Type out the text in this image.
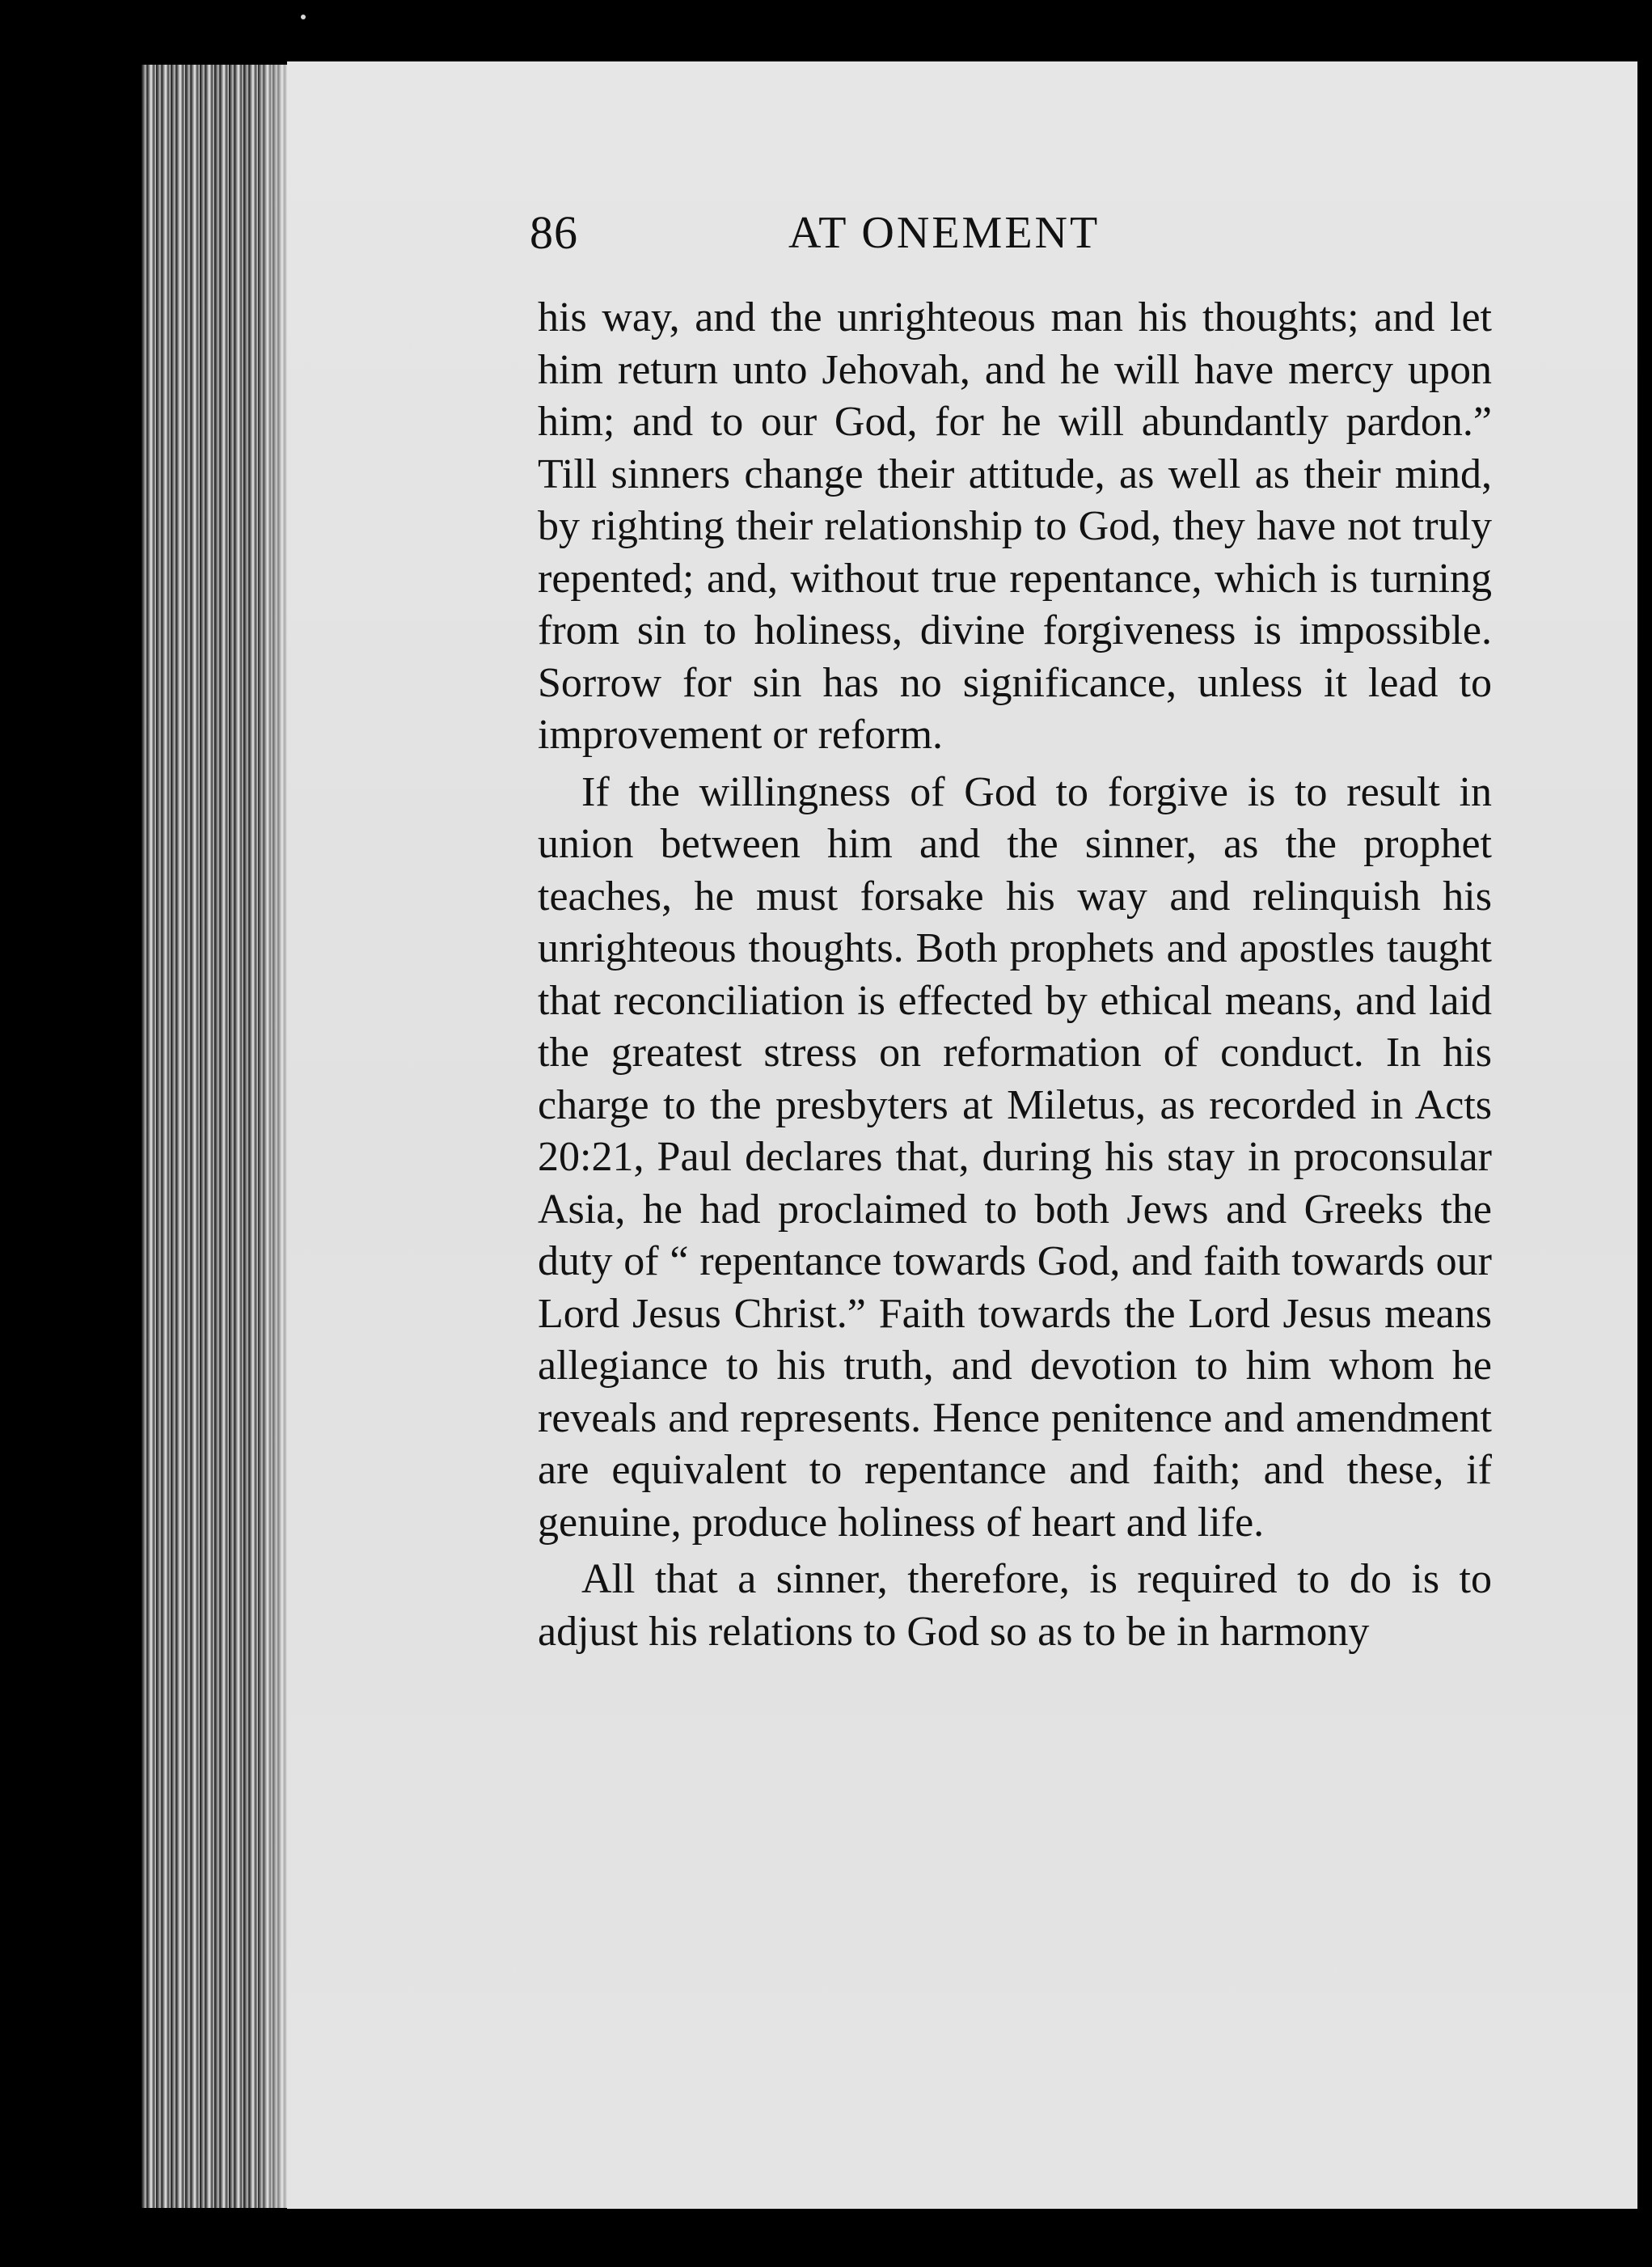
86	AT ONEMENT

his way, and the unrighteous man his thoughts; and let him return unto Jehovah, and he will have mercy upon him; and to our God, for he will abundantly pardon.” Till sinners change their attitude, as well as their mind, by righting their relationship to God, they have not truly repented; and, without true repentance, which is turning from sin to holiness, divine forgiveness is impossible. Sorrow for sin has no significance, unless it lead to improvement or reform.

If the willingness of God to forgive is to result in union between him and the sinner, as the prophet teaches, he must forsake his way and relinquish his unrighteous thoughts. Both prophets and apostles taught that reconciliation is effected by ethical means, and laid the greatest stress on reformation of conduct. In his charge to the presbyters at Miletus, as recorded in Acts 20:21, Paul declares that, during his stay in proconsular Asia, he had proclaimed to both Jews and Greeks the duty of “ repentance towards God, and faith towards our Lord Jesus Christ.” Faith towards the Lord Jesus means allegiance to his truth, and devotion to him whom he reveals and represents. Hence penitence and amendment are equivalent to repentance and faith; and these, if genuine, produce holiness of heart and life.

All that a sinner, therefore, is required to do is to adjust his relations to God so as to be in harmony
